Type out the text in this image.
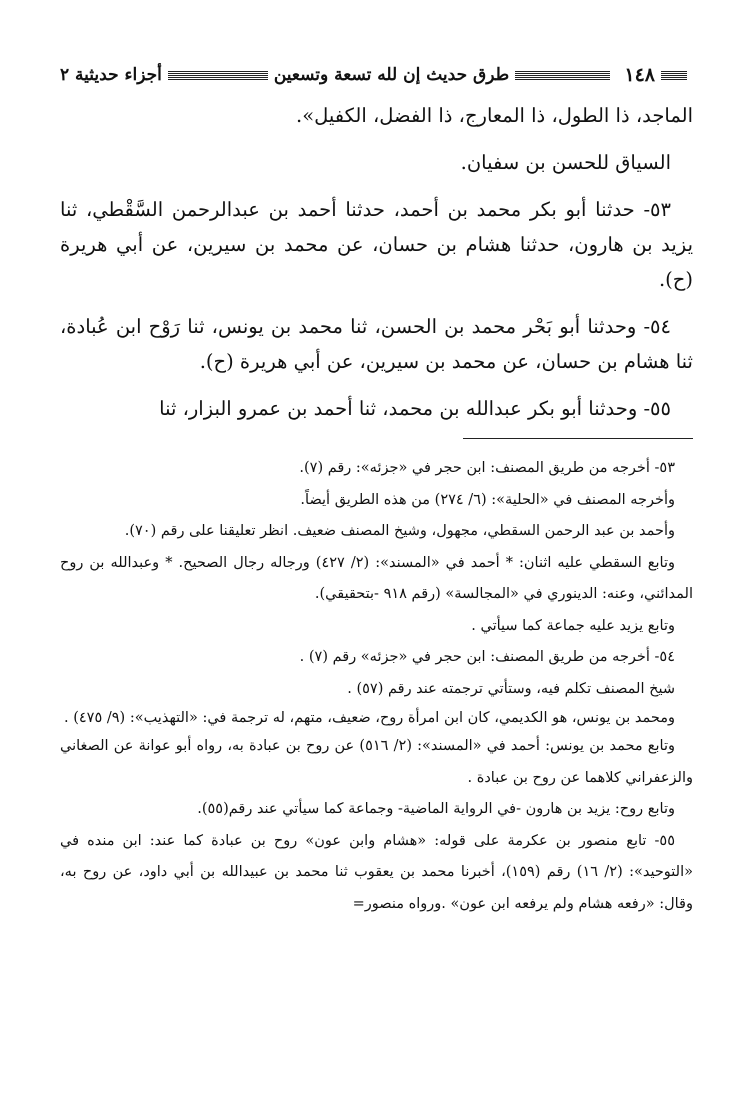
١٤٨
طرق حديث إن لله تسعة وتسعين
أجزاء حديثية ٢

الماجد، ذا الطول، ذا المعارج، ذا الفضل، الكفيل».

السياق للحسن بن سفيان.

٥٣- حدثنا أبو بكر محمد بن أحمد، حدثنا أحمد بن عبدالرحمن السَّقْطي، ثنا يزيد بن هارون، حدثنا هشام بن حسان، عن محمد بن سيرين، عن أبي هريرة (ح).

٥٤- وحدثنا أبو بَحْر محمد بن الحسن، ثنا محمد بن يونس، ثنا رَوْح ابن عُبادة، ثنا هشام بن حسان، عن محمد بن سيرين، عن أبي هريرة (ح).

٥٥- وحدثنا أبو بكر عبدالله بن محمد، ثنا أحمد بن عمرو البزار، ثنا

٥٣- أخرجه من طريق المصنف: ابن حجر في «جزئه»: رقم (٧).

وأخرجه المصنف في «الحلية»: (٦/ ٢٧٤) من هذه الطريق أيضاً.

وأحمد بن عبد الرحمن السقطي، مجهول، وشيخ المصنف ضعيف. انظر تعليقنا على رقم (٧٠).

وتابع السقطي عليه اثنان: * أحمد في «المسند»: (٢/ ٤٢٧) ورجاله رجال الصحيح. * وعبدالله بن روح المدائني، وعنه: الدينوري في «المجالسة» (رقم ٩١٨ -بتحقيقي).

وتابع يزيد عليه جماعة كما سيأتي .

٥٤- أخرجه من طريق المصنف: ابن حجر في «جزئه» رقم (٧) .

شيخ المصنف تكلم فيه، وستأتي ترجمته عند رقم (٥٧) .

ومحمد بن يونس، هو الكديمي، كان ابن امرأة روح، ضعيف، متهم، له ترجمة في: «التهذيب»: (٩/ ٤٧٥) .

وتابع محمد بن يونس: أحمد في «المسند»: (٢/ ٥١٦) عن روح بن عبادة به، رواه أبو عوانة عن الصغاني والزعفراني كلاهما عن روح بن عبادة .

وتابع روح: يزيد بن هارون -في الرواية الماضية- وجماعة كما سيأتي عند رقم(٥٥).

٥٥- تابع منصور بن عكرمة على قوله: «هشام وابن عون» روح بن عبادة كما عند: ابن منده في «التوحيد»: (٢/ ١٦) رقم (١٥٩)، أخبرنا محمد بن يعقوب ثنا محمد بن عبيدالله بن أبي داود، عن روح به، وقال: «رفعه هشام ولم يرفعه ابن عون» .ورواه منصور=
